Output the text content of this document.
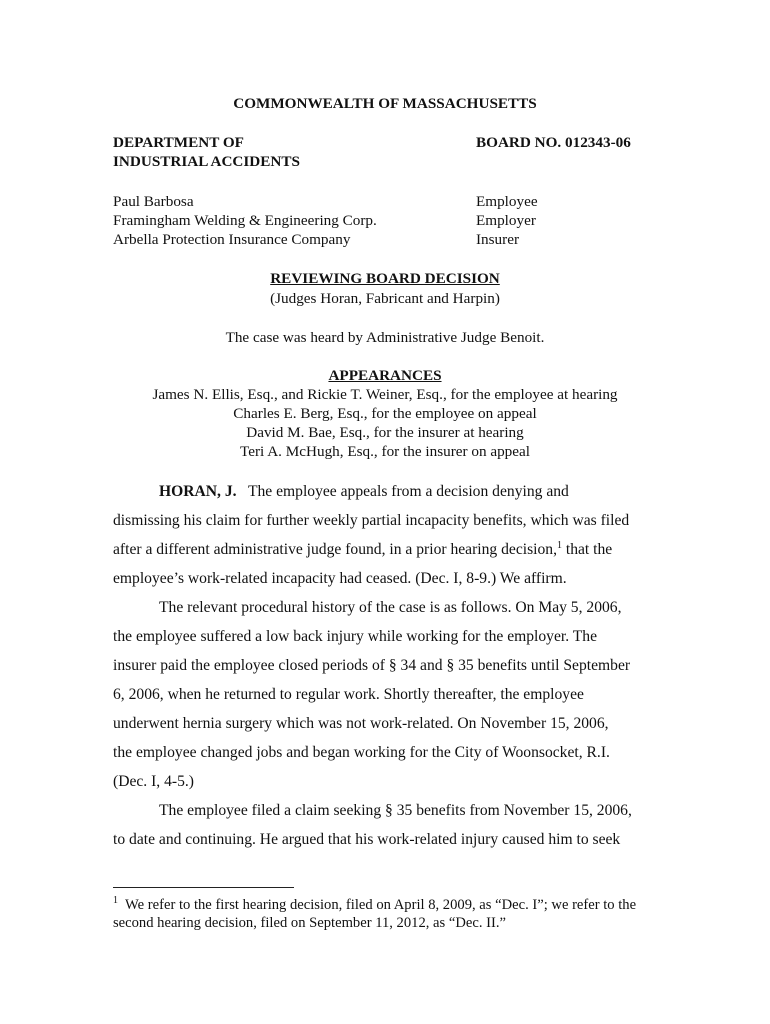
COMMONWEALTH OF MASSACHUSETTS
DEPARTMENT OF
INDUSTRIAL ACCIDENTS
BOARD NO. 012343-06
Paul Barbosa	Employee
Framingham Welding & Engineering Corp.	Employer
Arbella Protection Insurance Company	Insurer
REVIEWING BOARD DECISION
(Judges Horan, Fabricant and Harpin)
The case was heard by Administrative Judge Benoit.
APPEARANCES
James N. Ellis, Esq., and Rickie T. Weiner, Esq., for the employee at hearing
Charles E. Berg, Esq., for the employee on appeal
David M. Bae, Esq., for the insurer at hearing
Teri A. McHugh, Esq., for the insurer on appeal
HORAN, J. The employee appeals from a decision denying and
dismissing his claim for further weekly partial incapacity benefits, which was filed
after a different administrative judge found, in a prior hearing decision,$^1$ that the
employee’s work-related incapacity had ceased. (Dec. I, 8-9.) We affirm.
The relevant procedural history of the case is as follows. On May 5, 2006,
the employee suffered a low back injury while working for the employer. The
insurer paid the employee closed periods of § 34 and § 35 benefits until September
6, 2006, when he returned to regular work. Shortly thereafter, the employee
underwent hernia surgery which was not work-related. On November 15, 2006,
the employee changed jobs and began working for the City of Woonsocket, R.I.
(Dec. I, 4-5.)
The employee filed a claim seeking § 35 benefits from November 15, 2006,
to date and continuing. He argued that his work-related injury caused him to seek
$^1$ We refer to the first hearing decision, filed on April 8, 2009, as “Dec. I”; we refer to the
second hearing decision, filed on September 11, 2012, as “Dec. II.”
